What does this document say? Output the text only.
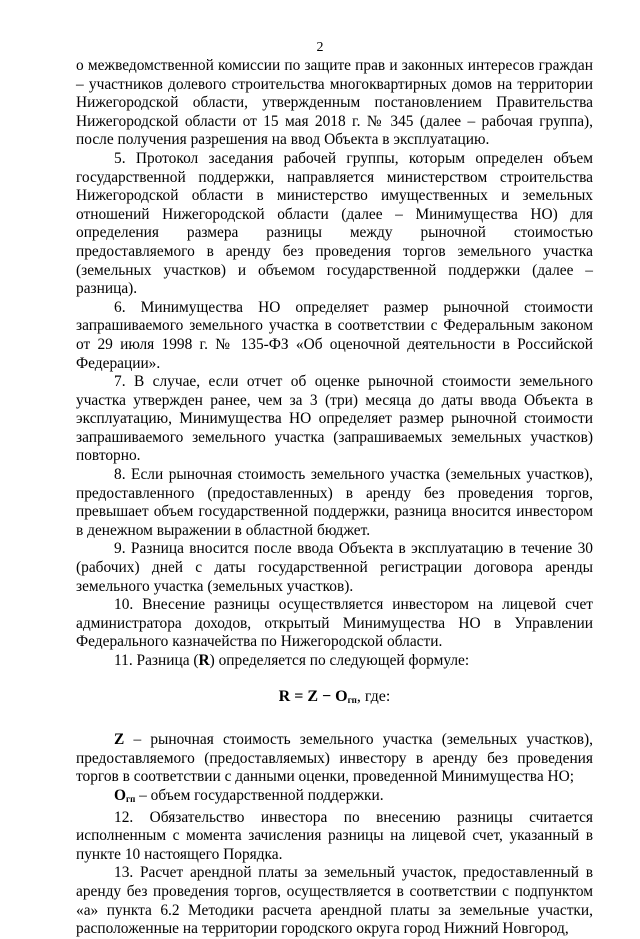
2

о межведомственной комиссии по защите прав и законных интересов граждан – участников долевого строительства многоквартирных домов на территории Нижегородской области, утвержденным постановлением Правительства Нижегородской области от 15 мая 2018 г. № 345 (далее – рабочая группа), после получения разрешения на ввод Объекта в эксплуатацию.

5. Протокол заседания рабочей группы, которым определен объем государственной поддержки, направляется министерством строительства Нижегородской области в министерство имущественных и земельных отношений Нижегородской области (далее – Минимущества НО) для определения размера разницы между рыночной стоимостью предоставляемого в аренду без проведения торгов земельного участка (земельных участков) и объемом государственной поддержки (далее – разница).

6. Минимущества НО определяет размер рыночной стоимости запрашиваемого земельного участка в соответствии с Федеральным законом от 29 июля 1998 г. № 135-ФЗ «Об оценочной деятельности в Российской Федерации».

7. В случае, если отчет об оценке рыночной стоимости земельного участка утвержден ранее, чем за 3 (три) месяца до даты ввода Объекта в эксплуатацию, Минимущества НО определяет размер рыночной стоимости запрашиваемого земельного участка (запрашиваемых земельных участков) повторно.

8. Если рыночная стоимость земельного участка (земельных участков), предоставленного (предоставленных) в аренду без проведения торгов, превышает объем государственной поддержки, разница вносится инвестором в денежном выражении в областной бюджет.

9. Разница вносится после ввода Объекта в эксплуатацию в течение 30 (рабочих) дней с даты государственной регистрации договора аренды земельного участка (земельных участков).

10. Внесение разницы осуществляется инвестором на лицевой счет администратора доходов, открытый Минимущества НО в Управлении Федерального казначейства по Нижегородской области.

11. Разница (R) определяется по следующей формуле:

$R = Z - O_{гп}$, где:

Z – рыночная стоимость земельного участка (земельных участков), предоставляемого (предоставляемых) инвестору в аренду без проведения торгов в соответствии с данными оценки, проведенной Минимущества НО;

Oгп – объем государственной поддержки.

12. Обязательство инвестора по внесению разницы считается исполненным с момента зачисления разницы на лицевой счет, указанный в пункте 10 настоящего Порядка.

13. Расчет арендной платы за земельный участок, предоставленный в аренду без проведения торгов, осуществляется в соответствии с подпунктом «а» пункта 6.2 Методики расчета арендной платы за земельные участки, расположенные на территории городского округа город Нижний Новгород,
